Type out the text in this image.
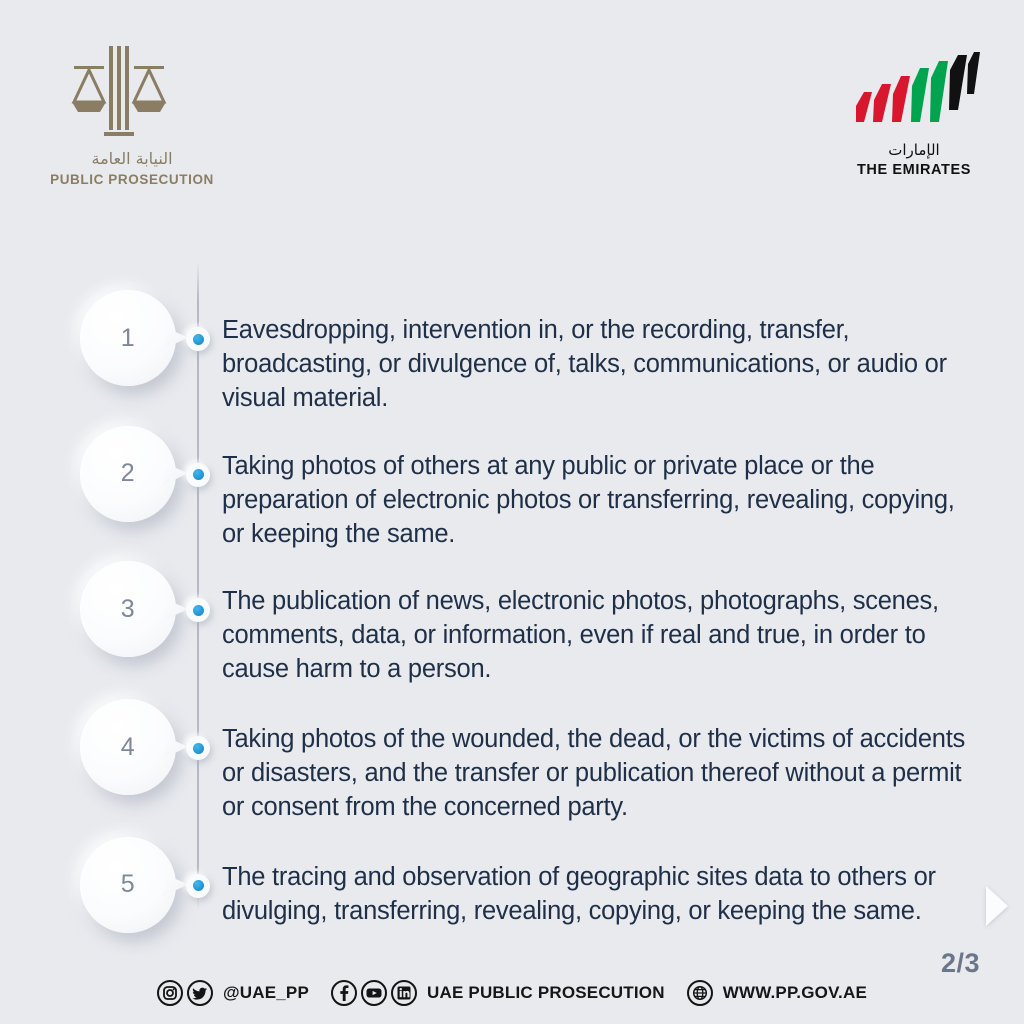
النيابة العامة
PUBLIC PROSECUTION
الإمارات
THE EMIRATES
1	Eavesdropping, intervention in, or the recording, transfer, broadcasting, or divulgence of, talks, communications, or audio or visual material.
2	Taking photos of others at any public or private place or the preparation of electronic photos or transferring, revealing, copying, or keeping the same.
3	The publication of news, electronic photos, photographs, scenes, comments, data, or information, even if real and true, in order to cause harm to a person.
4	Taking photos of the wounded, the dead, or the victims of accidents or disasters, and the transfer or publication thereof without a permit or consent from the concerned party.
5	The tracing and observation of geographic sites data to others or divulging, transferring, revealing, copying, or keeping the same.
2/3
@UAE_PP	UAE PUBLIC PROSECUTION	WWW.PP.GOV.AE
